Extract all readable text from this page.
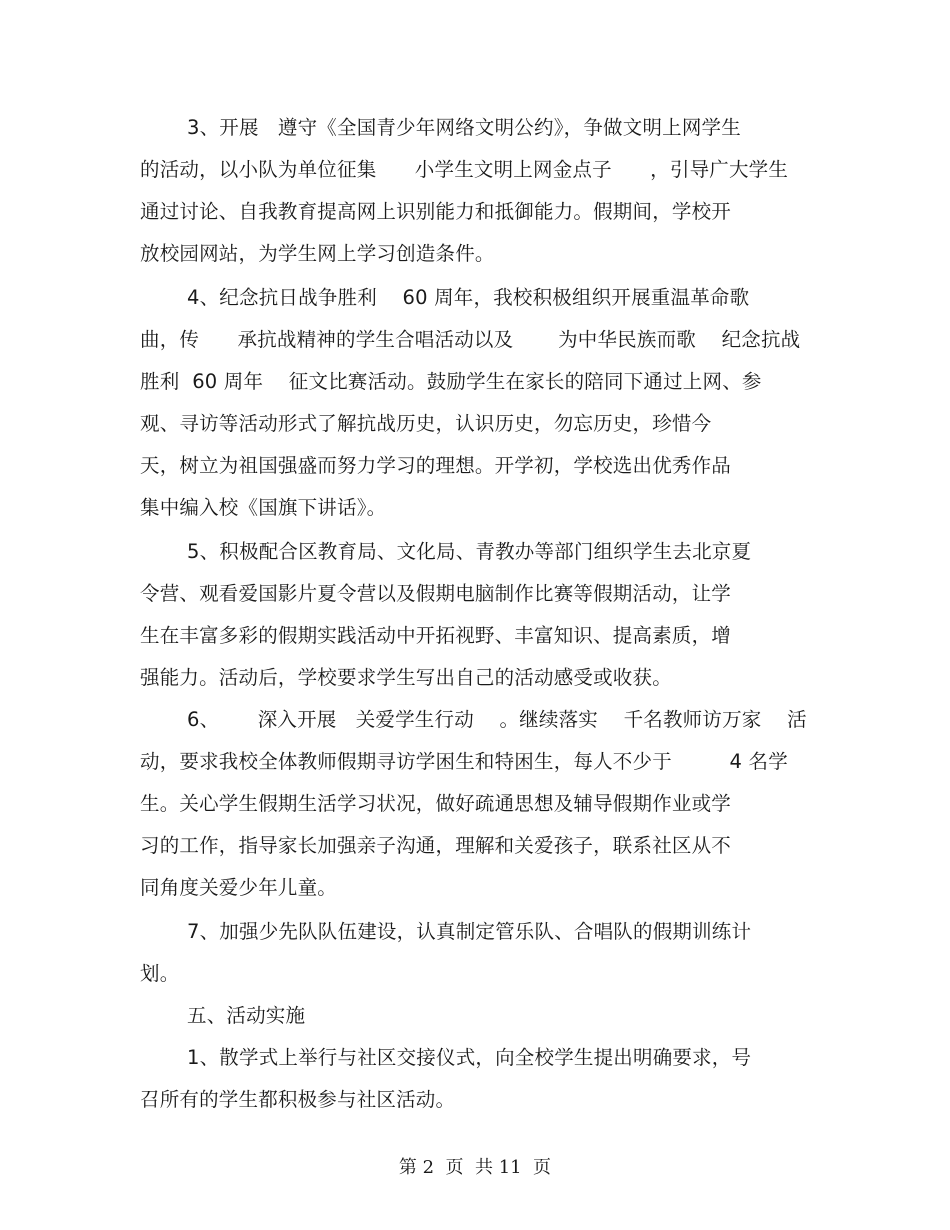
3、开展   遵守《全国青少年网络文明公约》，争做文明上网学生
的活动，以小队为单位征集      小学生文明上网金点子      ，引导广大学生
通过讨论、自我教育提高网上识别能力和抵御能力。假期间，学校开
放校园网站，为学生网上学习创造条件。
4、纪念抗日战争胜利    60 周年，我校积极组织开展重温革命歌
曲，传      承抗战精神的学生合唱活动以及       为中华民族而歌    纪念抗战
胜利  60 周年    征文比赛活动。鼓励学生在家长的陪同下通过上网、参
观、寻访等活动形式了解抗战历史，认识历史，勿忘历史，珍惜今
天，树立为祖国强盛而努力学习的理想。开学初，学校选出优秀作品
集中编入校《国旗下讲话》。
5、积极配合区教育局、文化局、青教办等部门组织学生去北京夏
令营、观看爱国影片夏令营以及假期电脑制作比赛等假期活动，让学
生在丰富多彩的假期实践活动中开拓视野、丰富知识、提高素质，增
强能力。活动后，学校要求学生写出自己的活动感受或收获。
6、      深入开展   关爱学生行动    。继续落实    千名教师访万家    活
动，要求我校全体教师假期寻访学困生和特困生，每人不少于         4 名学
生。关心学生假期生活学习状况，做好疏通思想及辅导假期作业或学
习的工作，指导家长加强亲子沟通，理解和关爱孩子，联系社区从不
同角度关爱少年儿童。
7、加强少先队队伍建设，认真制定管乐队、合唱队的假期训练计
划。
五、活动实施
1、散学式上举行与社区交接仪式，向全校学生提出明确要求，号
召所有的学生都积极参与社区活动。
第 2  页  共 11  页
